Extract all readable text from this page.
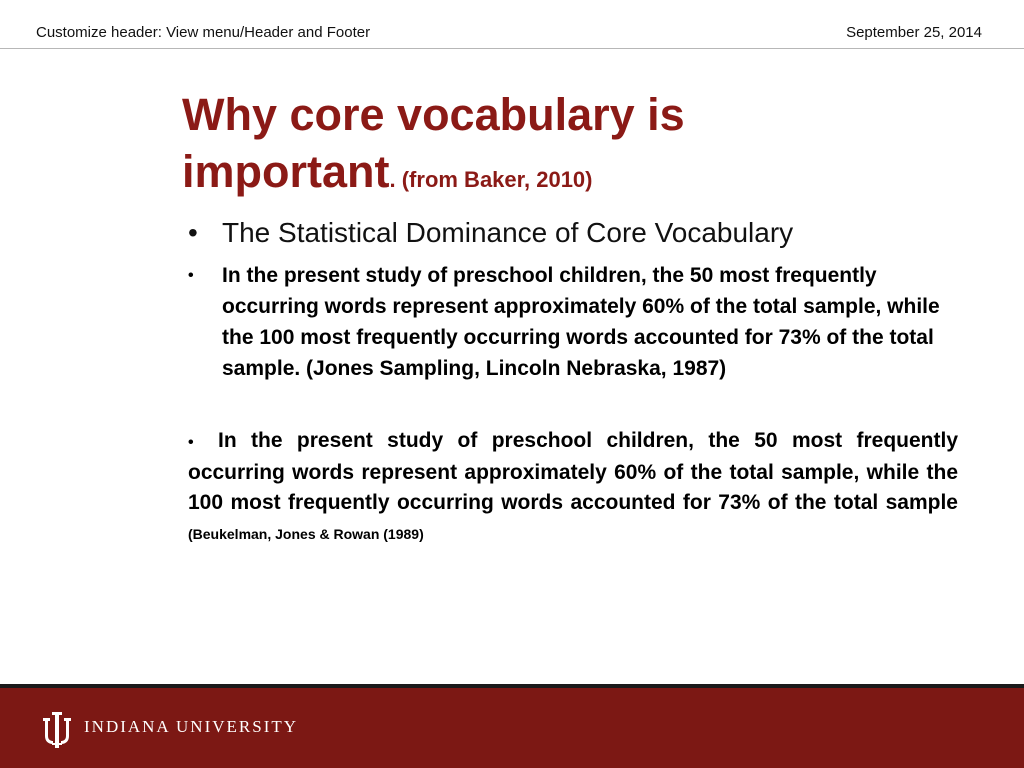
Customize header: View menu/Header and Footer	September 25, 2014
Why core vocabulary is important. (from Baker, 2010)
• The Statistical Dominance of Core Vocabulary
•	In the present study of preschool children, the 50 most frequently occurring words represent approximately 60% of the total sample, while the 100 most frequently occurring words accounted for 73% of the total sample. (Jones Sampling, Lincoln Nebraska, 1987)
• In the present study of preschool children, the 50 most frequently occurring words represent approximately 60% of the total sample, while the 100 most frequently occurring words accounted for 73% of the total sample (Beukelman, Jones & Rowan (1989)
INDIANA UNIVERSITY
